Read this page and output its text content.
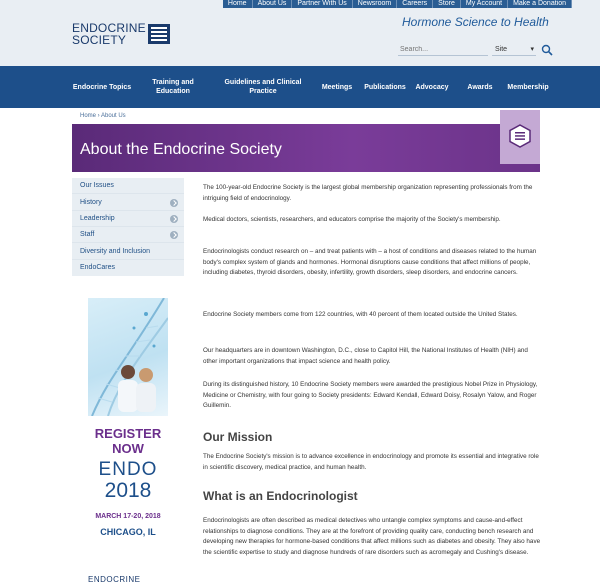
Home	About Us	Partner With Us	Newsroom	Careers	Store	My Account	Make a Donation
ENDOCRINE
SOCIETY
Hormone Science to Health
Search...
Site	▾
Endocrine Topics
Training and Education
Guidelines and Clinical Practice
Meetings	Publications	Advocacy	Awards	Membership
Home › About Us
About the Endocrine Society
Our Issues
History
Leadership
Staff
Diversity and Inclusion
EndoCares
REGISTER NOW
ENDO
2018
MARCH 17-20, 2018
CHICAGO, IL
ENDOCRINE

The 100-year-old Endocrine Society is the largest global membership organization representing professionals from the intriguing field of endocrinology.

Medical doctors, scientists, researchers, and educators comprise the majority of the Society's membership.

Endocrinologists conduct research on – and treat patients with – a host of conditions and diseases related to the human body's complex system of glands and hormones. Hormonal disruptions cause conditions that affect millions of people, including diabetes, thyroid disorders, obesity, infertility, growth disorders, sleep disorders, and endocrine cancers.

Endocrine Society members come from 122 countries, with 40 percent of them located outside the United States.

Our headquarters are in downtown Washington, D.C., close to Capitol Hill, the National Institutes of Health (NIH) and other important organizations that impact science and health policy.

During its distinguished history, 10 Endocrine Society members were awarded the prestigious Nobel Prize in Physiology, Medicine or Chemistry, with four going to Society presidents: Edward Kendall, Edward Doisy, Rosalyn Yalow, and Roger Guillemin.

Our Mission

The Endocrine Society's mission is to advance excellence in endocrinology and promote its essential and integrative role in scientific discovery, medical practice, and human health.

What is an Endocrinologist

Endocrinologists are often described as medical detectives who untangle complex symptoms and cause-and-effect relationships to diagnose conditions. They are at the forefront of providing quality care, conducting bench research and developing new therapies for hormone-based conditions that affect millions such as diabetes and obesity. They also have the scientific expertise to study and diagnose hundreds of rare disorders such as acromegaly and Cushing's disease.
